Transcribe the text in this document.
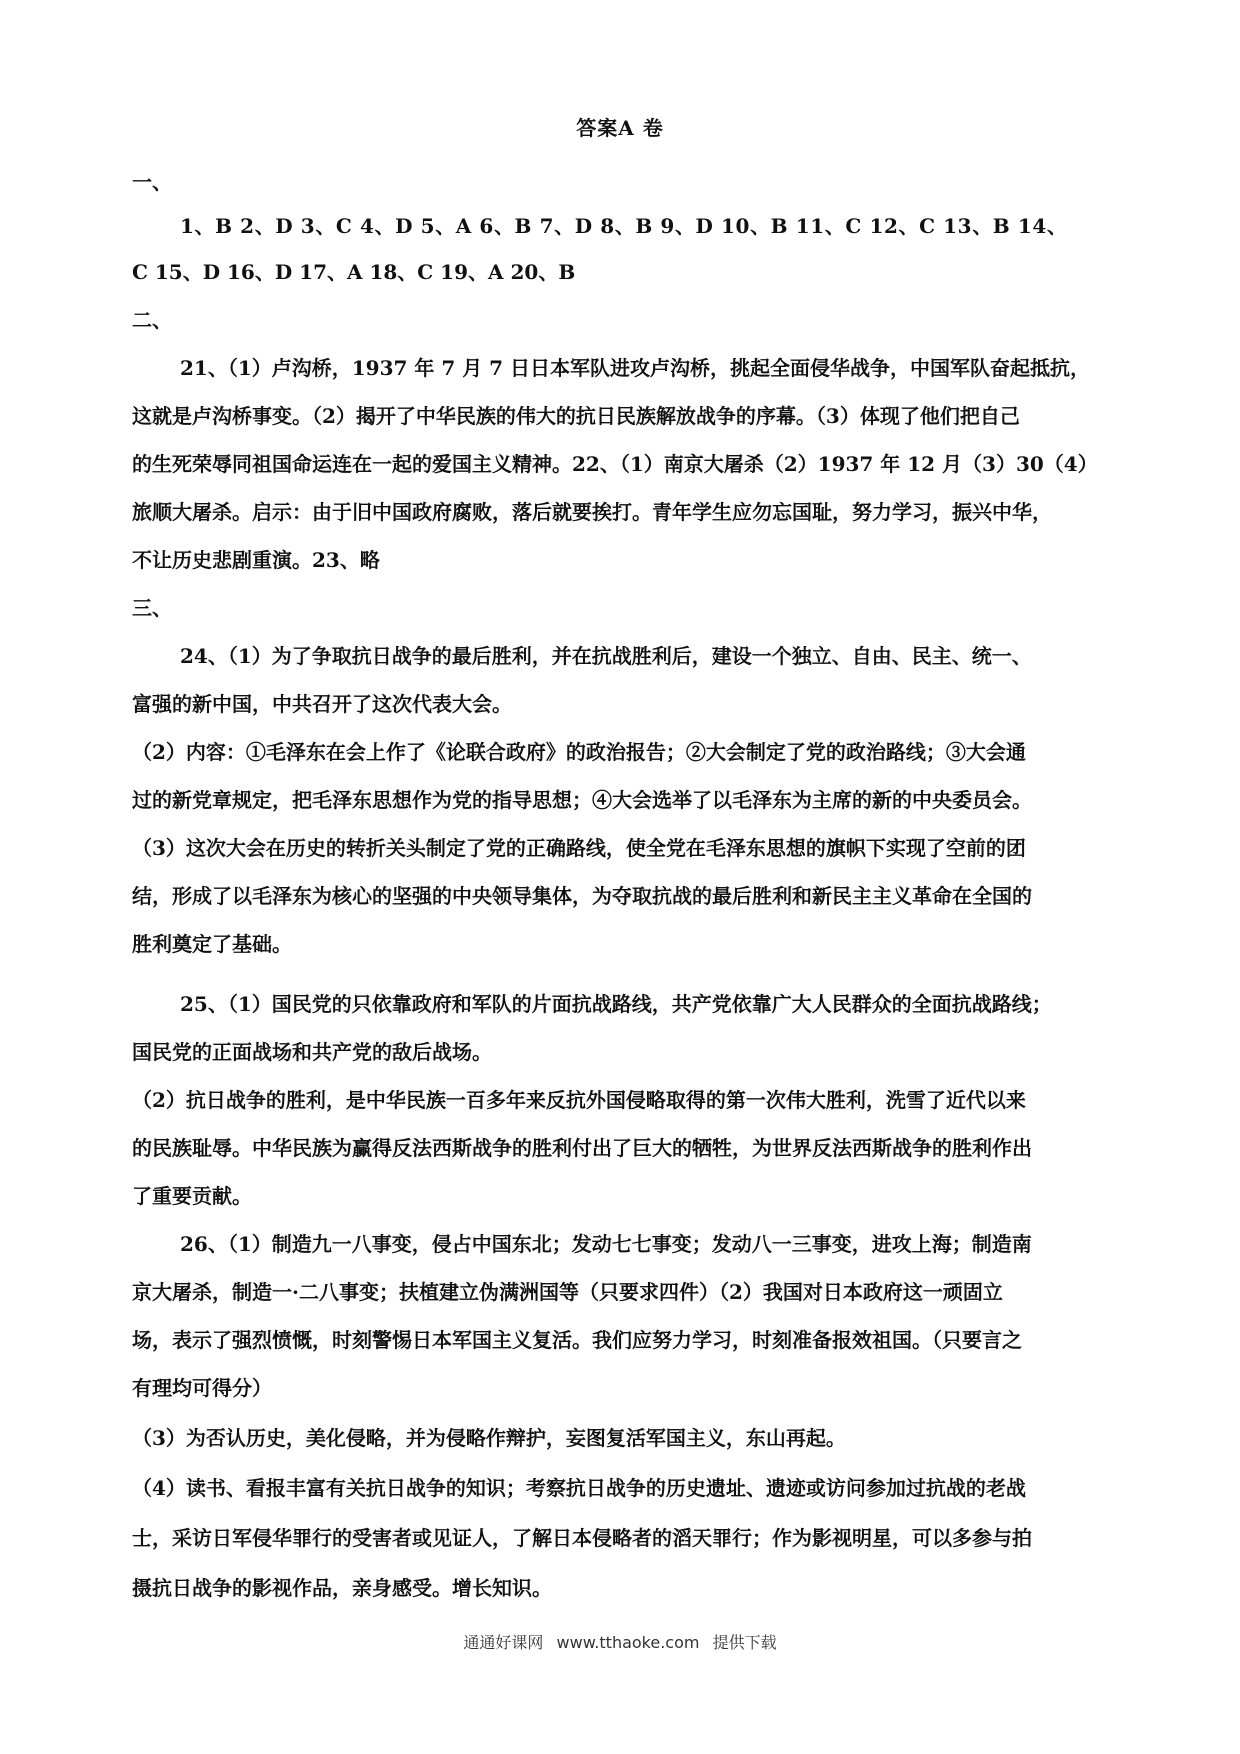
答案A 卷
一、
1、B 2、D 3、C 4、D 5、A 6、B 7、D 8、B 9、D 10、B 11、C 12、C 13、B 14、
C 15、D 16、D 17、A 18、C 19、A 20、B
二、
21、（1）卢沟桥，1937 年 7 月 7 日日本军队进攻卢沟桥，挑起全面侵华战争，中国军队奋起抵抗，
这就是卢沟桥事变。（2）揭开了中华民族的伟大的抗日民族解放战争的序幕。（3）体现了他们把自己
的生死荣辱同祖国命运连在一起的爱国主义精神。22、（1）南京大屠杀（2）1937 年 12 月（3）30（4）
旅顺大屠杀。启示：由于旧中国政府腐败，落后就要挨打。青年学生应勿忘国耻，努力学习，振兴中华，
不让历史悲剧重演。23、略
三、
24、（1）为了争取抗日战争的最后胜利，并在抗战胜利后，建设一个独立、自由、民主、统一、
富强的新中国，中共召开了这次代表大会。
（2）内容：①毛泽东在会上作了《论联合政府》的政治报告；②大会制定了党的政治路线；③大会通
过的新党章规定，把毛泽东思想作为党的指导思想；④大会选举了以毛泽东为主席的新的中央委员会。
（3）这次大会在历史的转折关头制定了党的正确路线，使全党在毛泽东思想的旗帜下实现了空前的团
结，形成了以毛泽东为核心的坚强的中央领导集体，为夺取抗战的最后胜利和新民主主义革命在全国的
胜利奠定了基础。
25、（1）国民党的只依靠政府和军队的片面抗战路线，共产党依靠广大人民群众的全面抗战路线；
国民党的正面战场和共产党的敌后战场。
（2）抗日战争的胜利，是中华民族一百多年来反抗外国侵略取得的第一次伟大胜利，洗雪了近代以来
的民族耻辱。中华民族为赢得反法西斯战争的胜利付出了巨大的牺牲，为世界反法西斯战争的胜利作出
了重要贡献。
26、（1）制造九一八事变，侵占中国东北；发动七七事变；发动八一三事变，进攻上海；制造南
京大屠杀，制造一·二八事变；扶植建立伪满洲国等（只要求四件）（2）我国对日本政府这一顽固立
场，表示了强烈愤慨，时刻警惕日本军国主义复活。我们应努力学习，时刻准备报效祖国。（只要言之
有理均可得分）
（3）为否认历史，美化侵略，并为侵略作辩护，妄图复活军国主义，东山再起。
（4）读书、看报丰富有关抗日战争的知识；考察抗日战争的历史遗址、遗迹或访问参加过抗战的老战
士，采访日军侵华罪行的受害者或见证人，了解日本侵略者的滔天罪行；作为影视明星，可以多参与拍
摄抗日战争的影视作品，亲身感受。增长知识。
通通好课网 www.tthaoke.com 提供下载
